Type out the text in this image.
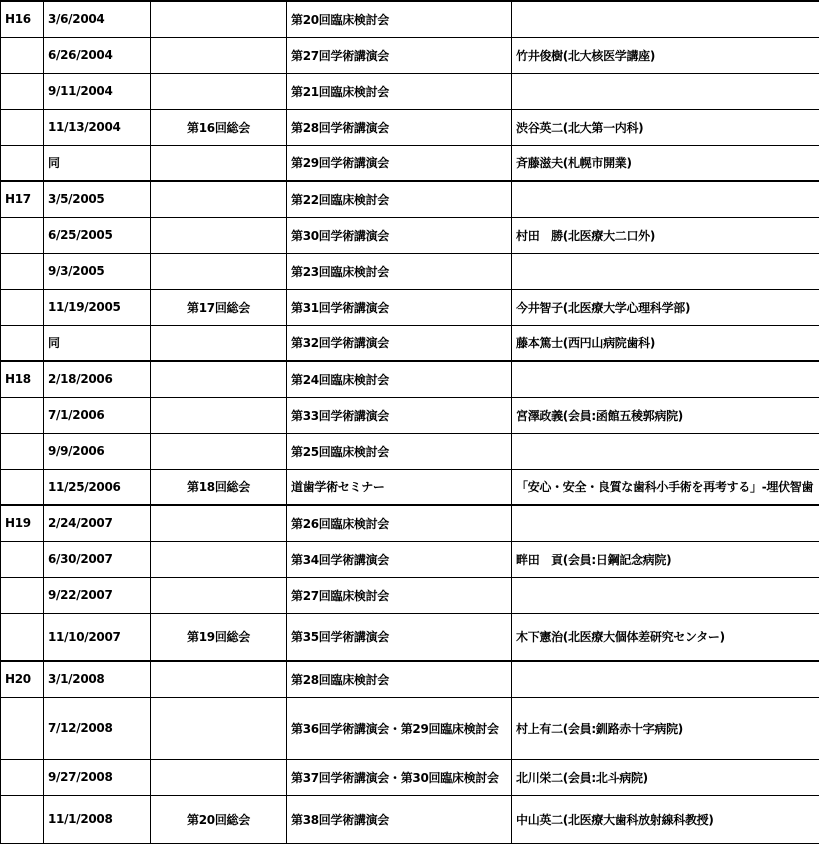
H16	3/6/2004		第20回臨床検討会	
	6/26/2004		第27回学術講演会	竹井俊樹(北大核医学講座)
	9/11/2004		第21回臨床検討会	
	11/13/2004	第16回総会	第28回学術講演会	渋谷英二(北大第一内科)
	同		第29回学術講演会	斉藤滋夫(札幌市開業)
H17	3/5/2005		第22回臨床検討会	
	6/25/2005		第30回学術講演会	村田　勝(北医療大二口外)
	9/3/2005		第23回臨床検討会	
	11/19/2005	第17回総会	第31回学術講演会	今井智子(北医療大学心理科学部)
	同		第32回学術講演会	藤本篤士(西円山病院歯科)
H18	2/18/2006		第24回臨床検討会	
	7/1/2006		第33回学術講演会	宮澤政義(会員:函館五稜郭病院)
	9/9/2006		第25回臨床検討会	
	11/25/2006	第18回総会	道歯学術セミナー	「安心・安全・良質な歯科小手術を再考する」-埋伏智歯
H19	2/24/2007		第26回臨床検討会	
	6/30/2007		第34回学術講演会	畔田　貢(会員:日鋼記念病院)
	9/22/2007		第27回臨床検討会	
	11/10/2007	第19回総会	第35回学術講演会	木下憲治(北医療大個体差研究センター)
H20	3/1/2008		第28回臨床検討会	
	7/12/2008		第36回学術講演会・第29回臨床検討会	村上有二(会員:釧路赤十字病院)
	9/27/2008		第37回学術講演会・第30回臨床検討会	北川栄二(会員:北斗病院)
	11/1/2008	第20回総会	第38回学術講演会	中山英二(北医療大歯科放射線科教授)
